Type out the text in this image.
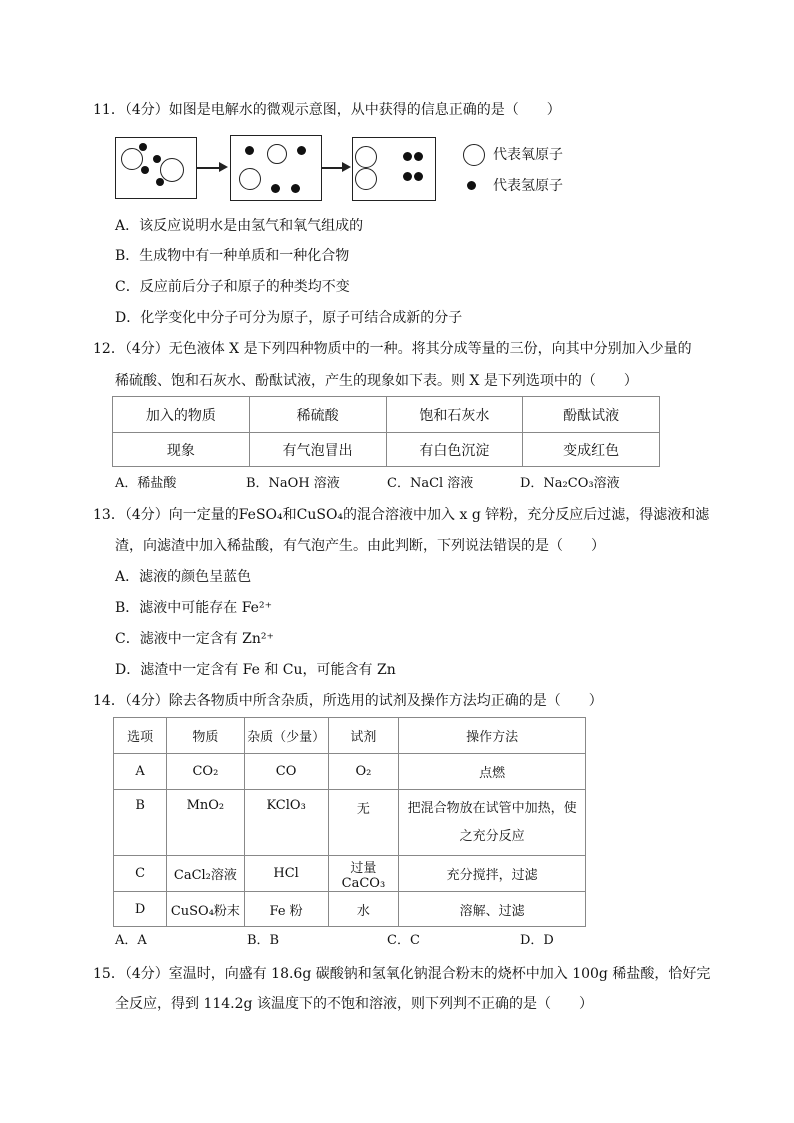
11．（4分）如图是电解水的微观示意图，从中获得的信息正确的是（　　）
代表氧原子
代表氢原子
A．该反应说明水是由氢气和氧气组成的
B．生成物中有一种单质和一种化合物
C．反应前后分子和原子的种类均不变
D．化学变化中分子可分为原子，原子可结合成新的分子
12．（4分）无色液体 X 是下列四种物质中的一种。将其分成等量的三份，向其中分别加入少量的
稀硫酸、饱和石灰水、酚酞试液，产生的现象如下表。则 X 是下列选项中的（　　）
加入的物质	稀硫酸	饱和石灰水	酚酞试液
现象	有气泡冒出	有白色沉淀	变成红色
A．稀盐酸	B．NaOH 溶液	C．NaCl 溶液	D．Na₂CO₃溶液
13．（4分）向一定量的FeSO₄和CuSO₄的混合溶液中加入 x g 锌粉，充分反应后过滤，得滤液和滤
渣，向滤渣中加入稀盐酸，有气泡产生。由此判断，下列说法错误的是（　　）
A．滤液的颜色呈蓝色
B．滤液中可能存在 Fe²⁺
C．滤液中一定含有 Zn²⁺
D．滤渣中一定含有 Fe 和 Cu，可能含有 Zn
14．（4分）除去各物质中所含杂质，所选用的试剂及操作方法均正确的是（　　）
选项	物质	杂质（少量）	试剂	操作方法
A	CO₂	CO	O₂	点燃
B	MnO₂	KClO₃	无	把混合物放在试管中加热，使
之充分反应

C	CaCl₂溶液	HCl	过量 CaCO₃	充分搅拌，过滤
D	CuSO₄粉末	Fe 粉	水	溶解、过滤
A．A	B．B	C．C	D．D
15．（4分）室温时，向盛有 18.6g 碳酸钠和氢氧化钠混合粉末的烧杯中加入 100g 稀盐酸，恰好完
全反应，得到 114.2g 该温度下的不饱和溶液，则下列判不正确的是（　　）
